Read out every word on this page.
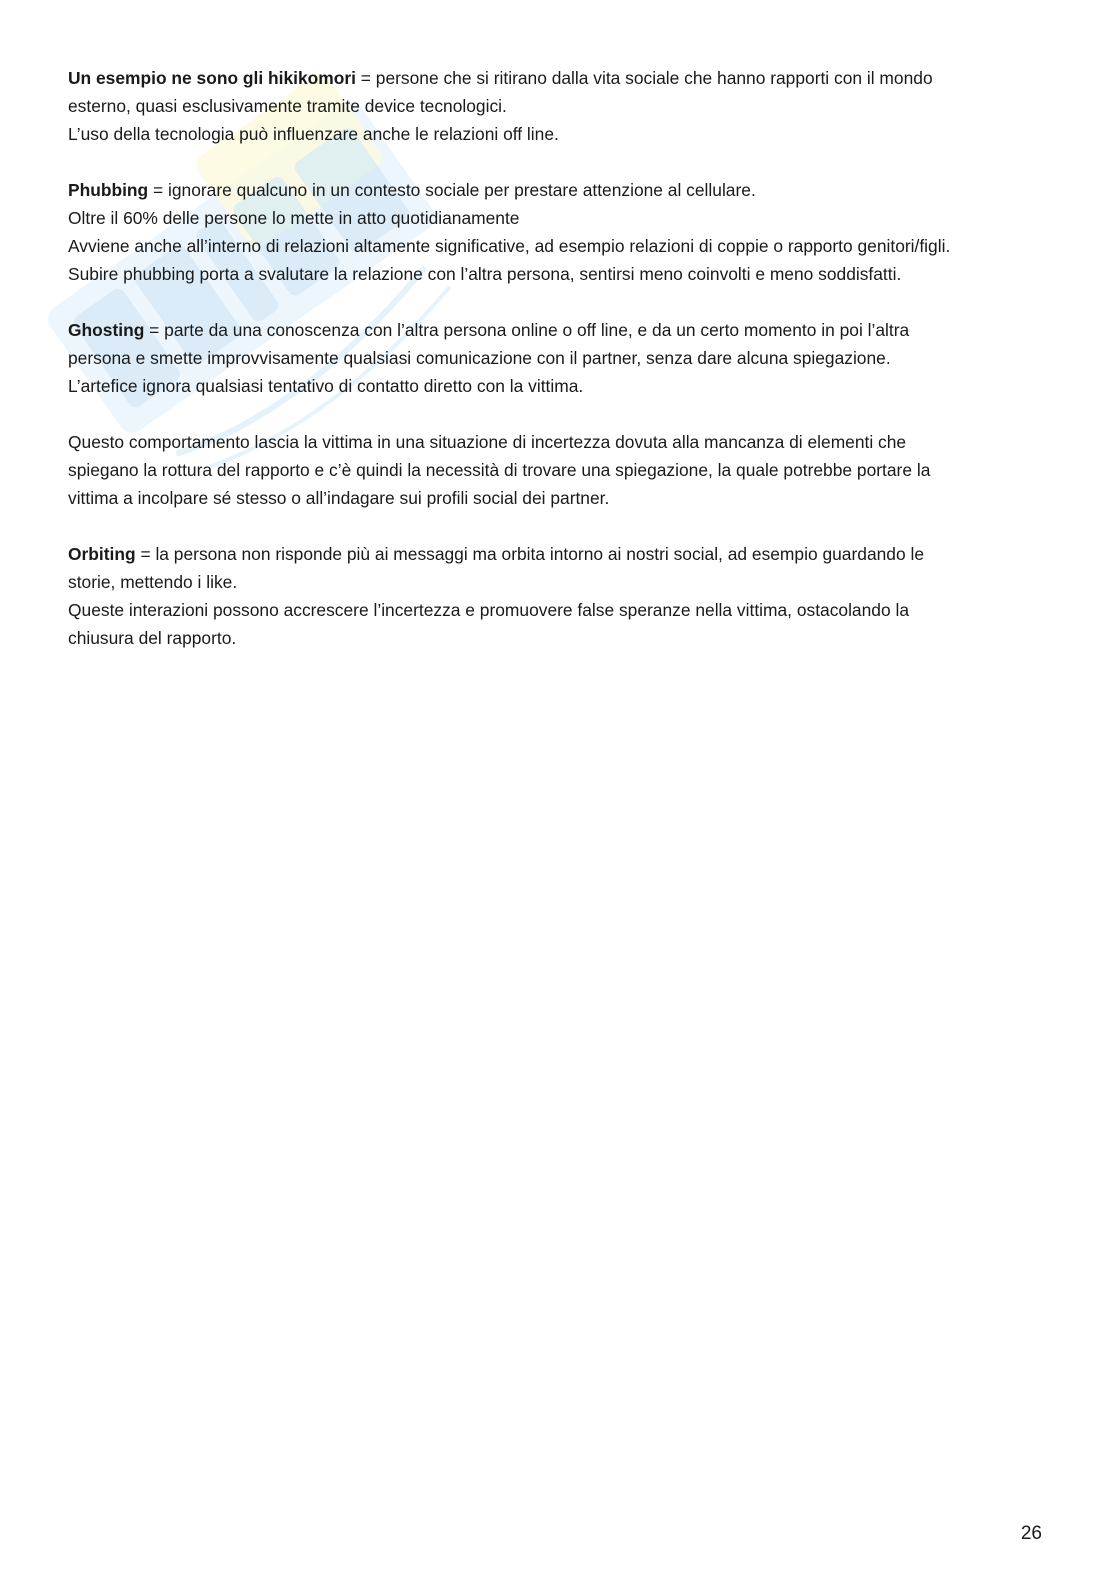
Un esempio ne sono gli hikikomori = persone che si ritirano dalla vita sociale che hanno rapporti con il mondo
esterno, quasi esclusivamente tramite device tecnologici.
L’uso della tecnologia può influenzare anche le relazioni off line.

Phubbing = ignorare qualcuno in un contesto sociale per prestare attenzione al cellulare.
Oltre il 60% delle persone lo mette in atto quotidianamente
Avviene anche all’interno di relazioni altamente significative, ad esempio relazioni di coppie o rapporto genitori/figli.
Subire phubbing porta a svalutare la relazione con l’altra persona, sentirsi meno coinvolti e meno soddisfatti.

Ghosting = parte da una conoscenza con l’altra persona online o off line, e da un certo momento in poi l’altra
persona e smette improvvisamente qualsiasi comunicazione con il partner, senza dare alcuna spiegazione.
L’artefice ignora qualsiasi tentativo di contatto diretto con la vittima.

Questo comportamento lascia la vittima in una situazione di incertezza dovuta alla mancanza di elementi che
spiegano la rottura del rapporto e c’è quindi la necessità di trovare una spiegazione, la quale potrebbe portare la
vittima a incolpare sé stesso o all’indagare sui profili social dei partner.

Orbiting = la persona non risponde più ai messaggi ma orbita intorno ai nostri social, ad esempio guardando le
storie, mettendo i like.
Queste interazioni possono accrescere l’incertezza e promuovere false speranze nella vittima, ostacolando la
chiusura del rapporto.

26
